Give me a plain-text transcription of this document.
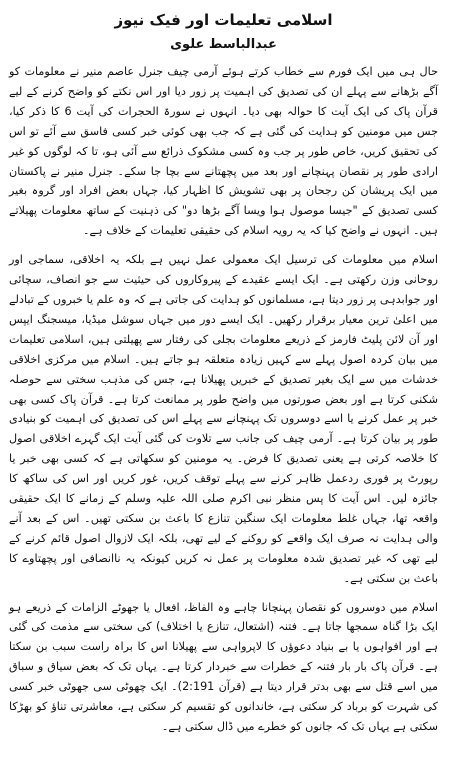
اسلامی تعلیمات اور فیک نیوز
عبدالباسط علوی

حال ہی میں ایک فورم سے خطاب کرتے ہوئے آرمی چیف جنرل عاصم منیر نے معلومات کو آگے بڑھانے سے پہلے ان کی تصدیق کی اہمیت پر زور دیا اور اس نکتے کو واضح کرنے کے لیے قرآن پاک کی ایک آیت کا حوالہ بھی دیا۔ انہوں نے سورۃ الحجرات کی آیت 6 کا ذکر کیا، جس میں مومنین کو ہدایت کی گئی ہے کہ جب بھی کوئی خبر کسی فاسق سے آئے تو اس کی تحقیق کریں، خاص طور پر جب وہ کسی مشکوک ذرائع سے آئی ہو، تا کہ لوگوں کو غیر ارادی طور پر نقصان پہنچانے اور بعد میں پچھتانے سے بچا جا سکے۔ جنرل منیر نے پاکستان میں ایک پریشان کن رجحان پر بھی تشویش کا اظہار کیا، جہاں بعض افراد اور گروہ بغیر کسی تصدیق کے "جیسا موصول ہوا ویسا آگے بڑھا دو" کی ذہنیت کے ساتھ معلومات پھیلاتے ہیں۔ انہوں نے واضح کیا کہ یہ رویہ اسلام کی حقیقی تعلیمات کے خلاف ہے۔

اسلام میں معلومات کی ترسیل ایک معمولی عمل نہیں ہے بلکہ یہ اخلاقی، سماجی اور روحانی وزن رکھتی ہے۔ ایک ایسے عقیدے کے پیروکاروں کی حیثیت سے جو انصاف، سچائی اور جوابدہی پر زور دیتا ہے، مسلمانوں کو ہدایت کی جاتی ہے کہ وہ علم یا خبروں کے تبادلے میں اعلیٰ ترین معیار برقرار رکھیں۔ ایک ایسے دور میں جہاں سوشل میڈیا، میسجنگ ایپس اور آن لائن پلیٹ فارمز کے ذریعے معلومات بجلی کی رفتار سے پھیلتی ہیں، اسلامی تعلیمات میں بیان کردہ اصول پہلے سے کہیں زیادہ متعلقہ ہو جاتے ہیں۔ اسلام میں مرکزی اخلاقی خدشات میں سے ایک بغیر تصدیق کے خبریں پھیلانا ہے، جس کی مذہب سختی سے حوصلہ شکنی کرتا ہے اور بعض صورتوں میں واضح طور پر ممانعت کرتا ہے۔ قرآن پاک کسی بھی خبر پر عمل کرنے یا اسے دوسروں تک پہنچانے سے پہلے اس کی تصدیق کی اہمیت کو بنیادی طور پر بیان کرتا ہے۔ آرمی چیف کی جانب سے تلاوت کی گئی آیت ایک گہرے اخلاقی اصول کا خلاصہ کرتی ہے یعنی تصدیق کا فرض۔ یہ مومنین کو سکھاتی ہے کہ کسی بھی خبر یا رپورٹ پر فوری ردعمل ظاہر کرنے سے پہلے توقف کریں، غور کریں اور اس کی ساکھ کا جائزہ لیں۔ اس آیت کا پس منظر نبی اکرم صلی اللہ علیہ وسلم کے زمانے کا ایک حقیقی واقعہ تھا، جہاں غلط معلومات ایک سنگین تنازع کا باعث بن سکتی تھیں۔ اس کے بعد آنے والی ہدایت نہ صرف ایک واقعے کو روکنے کے لیے تھی، بلکہ ایک لازوال اصول قائم کرنے کے لیے تھی کہ غیر تصدیق شدہ معلومات پر عمل نہ کریں کیونکہ یہ ناانصافی اور پچھتاوے کا باعث بن سکتی ہے۔

اسلام میں دوسروں کو نقصان پہنچانا چاہے وہ الفاظ، افعال یا جھوٹے الزامات کے ذریعے ہو ایک بڑا گناہ سمجھا جاتا ہے۔ فتنہ (اشتعال، تنازع یا اختلاف) کی سختی سے مذمت کی گئی ہے اور افواہوں یا بے بنیاد دعوؤں کا لاپرواہی سے پھیلانا اس کا براہ راست سبب بن سکتا ہے۔ قرآن پاک بار بار فتنہ کے خطرات سے خبردار کرتا ہے۔ یہاں تک کہ بعض سیاق و سباق میں اسے قتل سے بھی بدتر قرار دیتا ہے (قرآن 2:191)۔ ایک چھوٹی سی جھوٹی خبر کسی کی شہرت کو برباد کر سکتی ہے، خاندانوں کو تقسیم کر سکتی ہے، معاشرتی تناؤ کو بھڑکا سکتی ہے یہاں تک کہ جانوں کو خطرے میں ڈال سکتی ہے۔
